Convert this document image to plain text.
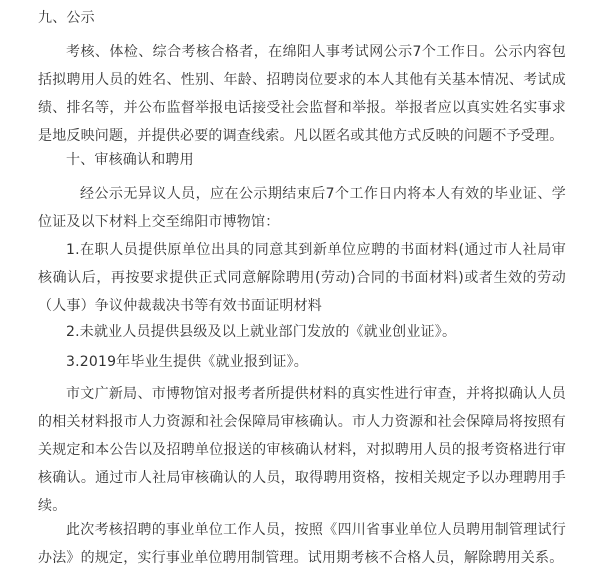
九、公示
考核、体检、综合考核合格者，在绵阳人事考试网公示7个工作日。公示内容包括拟聘用人员的姓名、性别、年龄、招聘岗位要求的本人其他有关基本情况、考试成绩、排名等，并公布监督举报电话接受社会监督和举报。举报者应以真实姓名实事求是地反映问题，并提供必要的调查线索。凡以匿名或其他方式反映的问题不予受理。
十、审核确认和聘用
经公示无异议人员，应在公示期结束后7个工作日内将本人有效的毕业证、学位证及以下材料上交至绵阳市博物馆：
1.在职人员提供原单位出具的同意其到新单位应聘的书面材料(通过市人社局审核确认后，再按要求提供正式同意解除聘用(劳动)合同的书面材料)或者生效的劳动（人事）争议仲裁裁决书等有效书面证明材料
2.未就业人员提供县级及以上就业部门发放的《就业创业证》。
3.2019年毕业生提供《就业报到证》。
市文广新局、市博物馆对报考者所提供材料的真实性进行审查，并将拟确认人员的相关材料报市人力资源和社会保障局审核确认。市人力资源和社会保障局将按照有关规定和本公告以及招聘单位报送的审核确认材料，对拟聘用人员的报考资格进行审核确认。通过市人社局审核确认的人员，取得聘用资格，按相关规定予以办理聘用手续。
此次考核招聘的事业单位工作人员，按照《四川省事业单位人员聘用制管理试行办法》的规定，实行事业单位聘用制管理。试用期考核不合格人员，解除聘用关系。
